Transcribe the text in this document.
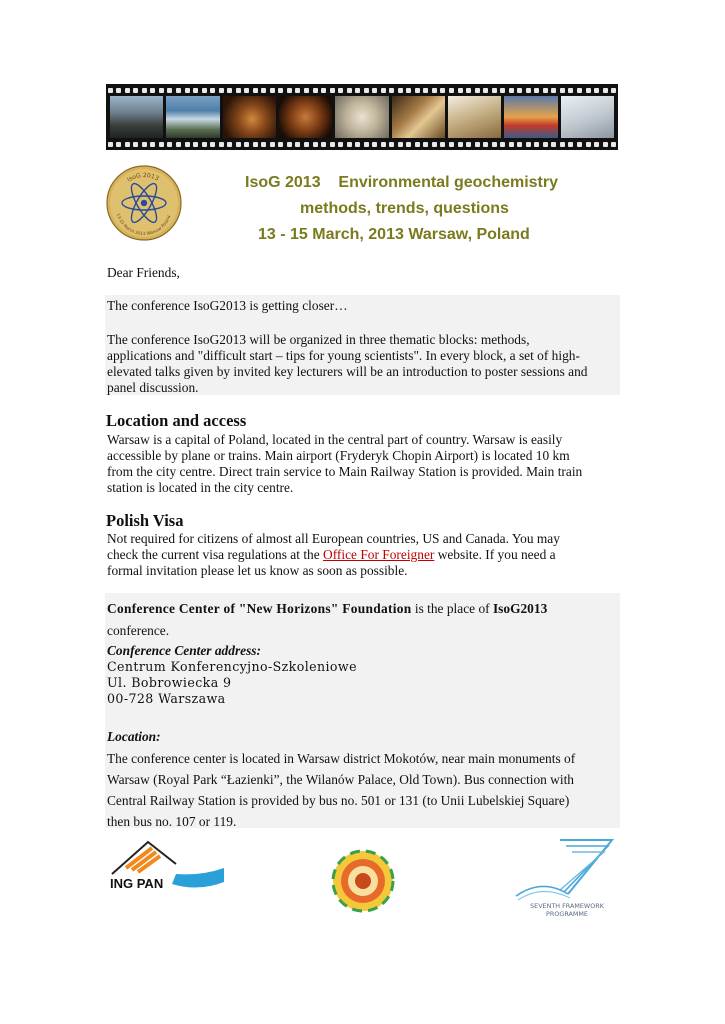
IsoG 2013
13-15 March 2013 Warsaw Poland
IsoG 2013 Environmental geochemistry
methods, trends, questions
13 - 15 March, 2013 Warsaw, Poland
Dear Friends,
The conference IsoG2013 is getting closer…
The conference IsoG2013 will be organized in three thematic blocks: methods,
applications and "difficult start – tips for young scientists". In every block, a set of high-
elevated talks given by invited key lecturers will be an introduction to poster sessions and
panel discussion.
Location and access
Warsaw is a capital of Poland, located in the central part of country. Warsaw is easily
accessible by plane or trains. Main airport (Fryderyk Chopin Airport) is located 10 km
from the city centre. Direct train service to Main Railway Station is provided. Main train
station is located in the city centre.
Polish Visa
Not required for citizens of almost all European countries, US and Canada. You may
check the current visa regulations at the Office For Foreigner website. If you need a
formal invitation please let us know as soon as possible.
Conference Center of "New Horizons" Foundation is the place of IsoG2013
conference.
Conference Center address:
Centrum Konferencyjno-Szkoleniowe
Ul. Bobrowiecka 9
00-728 Warszawa
Location:
The conference center is located in Warsaw district Mokotów, near main monuments of
Warsaw (Royal Park “Łazienki”, the Wilanów Palace, Old Town). Bus connection with
Central Railway Station is provided by bus no. 501 or 131 (to Unii Lubelskiej Square)
then bus no. 107 or 119.
ING PAN
SEVENTH FRAMEWORK
PROGRAMME
